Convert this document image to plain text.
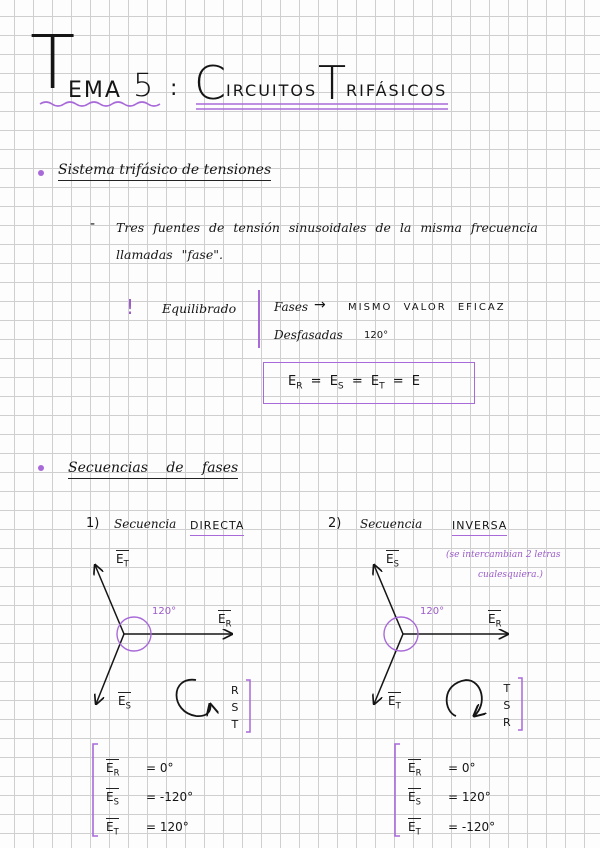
T
EMA 5 : C IRCUITOS T RIFÁSICOS
Sistema trifásico de tensiones
- Tres fuentes de tensión sinusoidales de la misma frecuencia
llamadas "fase".
! Equilibrado	Fases → MISMO VALOR EFICAZ
Desfasadas 120°
$E_R = E_S = E_T = E$
Secuencias de fases
1) Secuencia DIRECTA	2) Secuencia	INVERSA
(se intercambian 2 letras
cualesquiera.)
120°
$E_T$
$E_R$
$E_S$
R
S
T
120°
$E_S$
$E_R$
$E_T$
T
S
R
$E_R = 0^\circ$
$E_S = -120^\circ$
$E_T = 120^\circ$
$E_R = 0^\circ$
$E_S = 120^\circ$
$E_T = -120^\circ$
